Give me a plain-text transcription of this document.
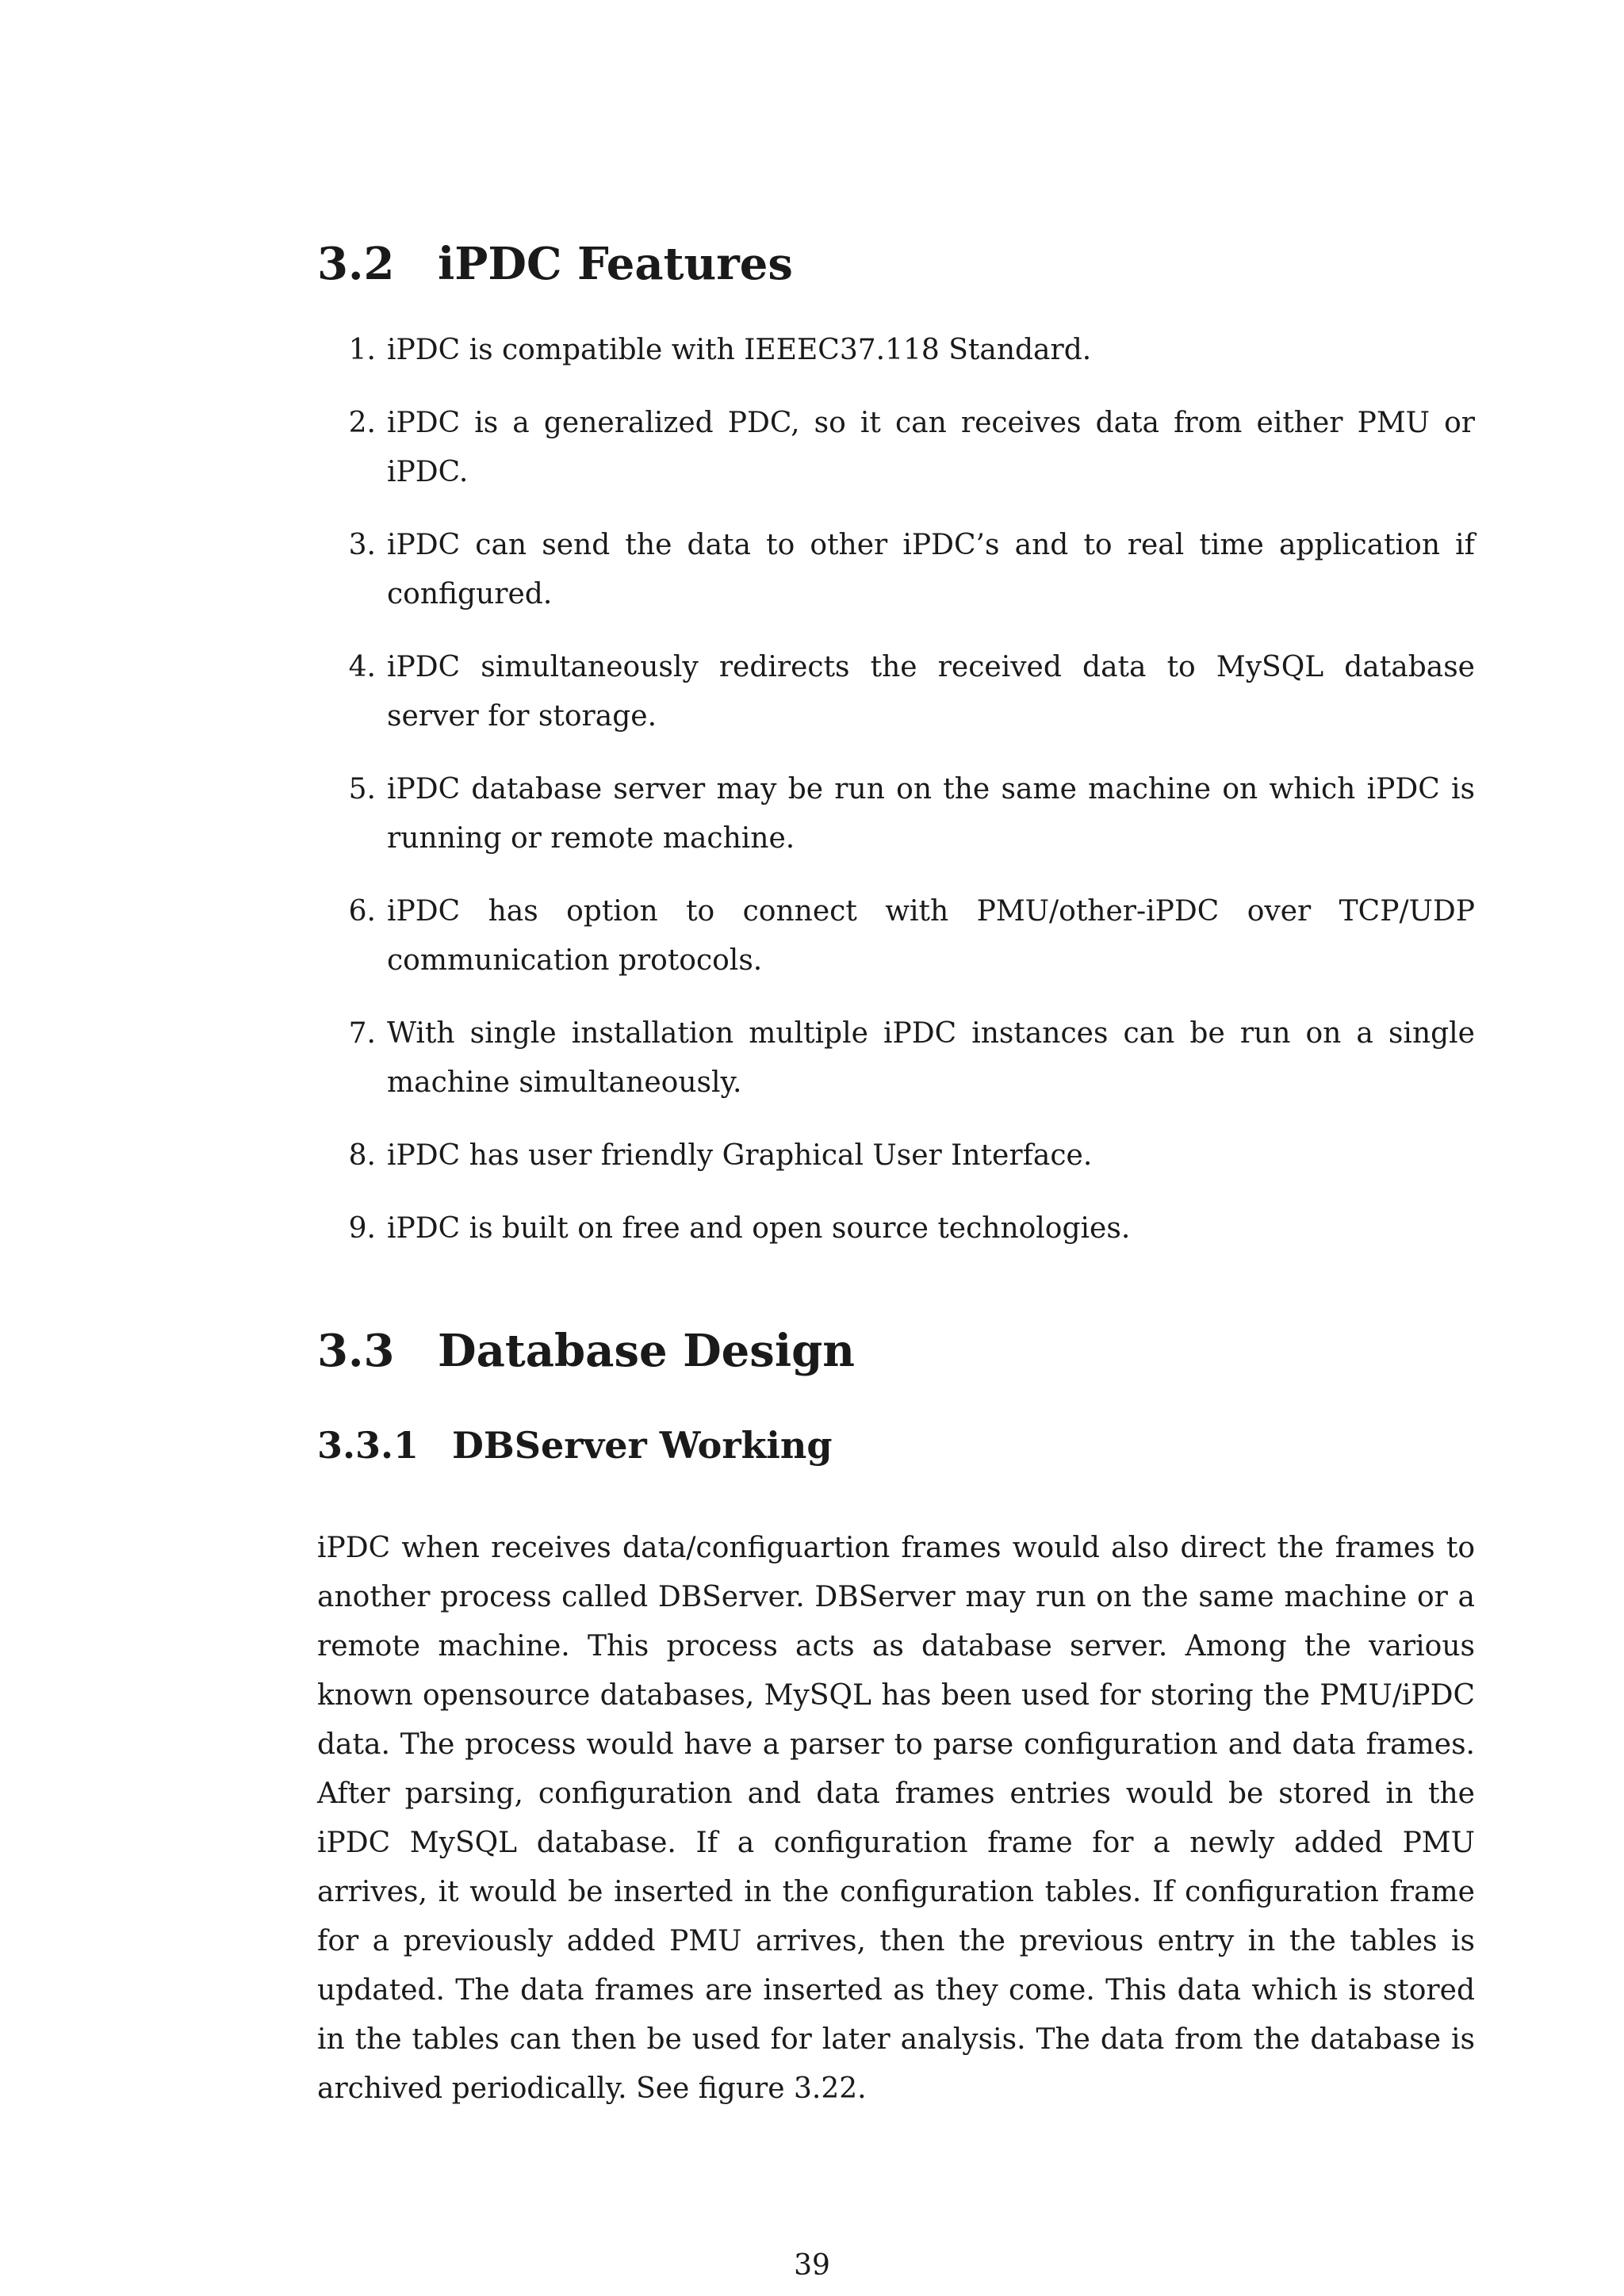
3.2 iPDC Features
1. iPDC is compatible with IEEEC37.118 Standard.
2. iPDC is a generalized PDC, so it can receives data from either PMU or iPDC.
3. iPDC can send the data to other iPDC’s and to real time application if configured.
4. iPDC simultaneously redirects the received data to MySQL database server for storage.
5. iPDC database server may be run on the same machine on which iPDC is running or remote machine.
6. iPDC has option to connect with PMU/other-iPDC over TCP/UDP communication protocols.
7. With single installation multiple iPDC instances can be run on a single machine simultaneously.
8. iPDC has user friendly Graphical User Interface.
9. iPDC is built on free and open source technologies.
3.3 Database Design
3.3.1 DBServer Working

iPDC when receives data/configuartion frames would also direct the frames to another process called DBServer. DBServer may run on the same machine or a remote machine. This process acts as database server. Among the various known opensource databases, MySQL has been used for storing the PMU/iPDC data. The process would have a parser to parse configuration and data frames. After parsing, configuration and data frames entries would be stored in the iPDC MySQL database. If a configuration frame for a newly added PMU arrives, it would be inserted in the configuration tables. If configuration frame for a previously added PMU arrives, then the previous entry in the tables is updated. The data frames are inserted as they come. This data which is stored in the tables can then be used for later analysis. The data from the database is archived periodically. See figure 3.22.

39
